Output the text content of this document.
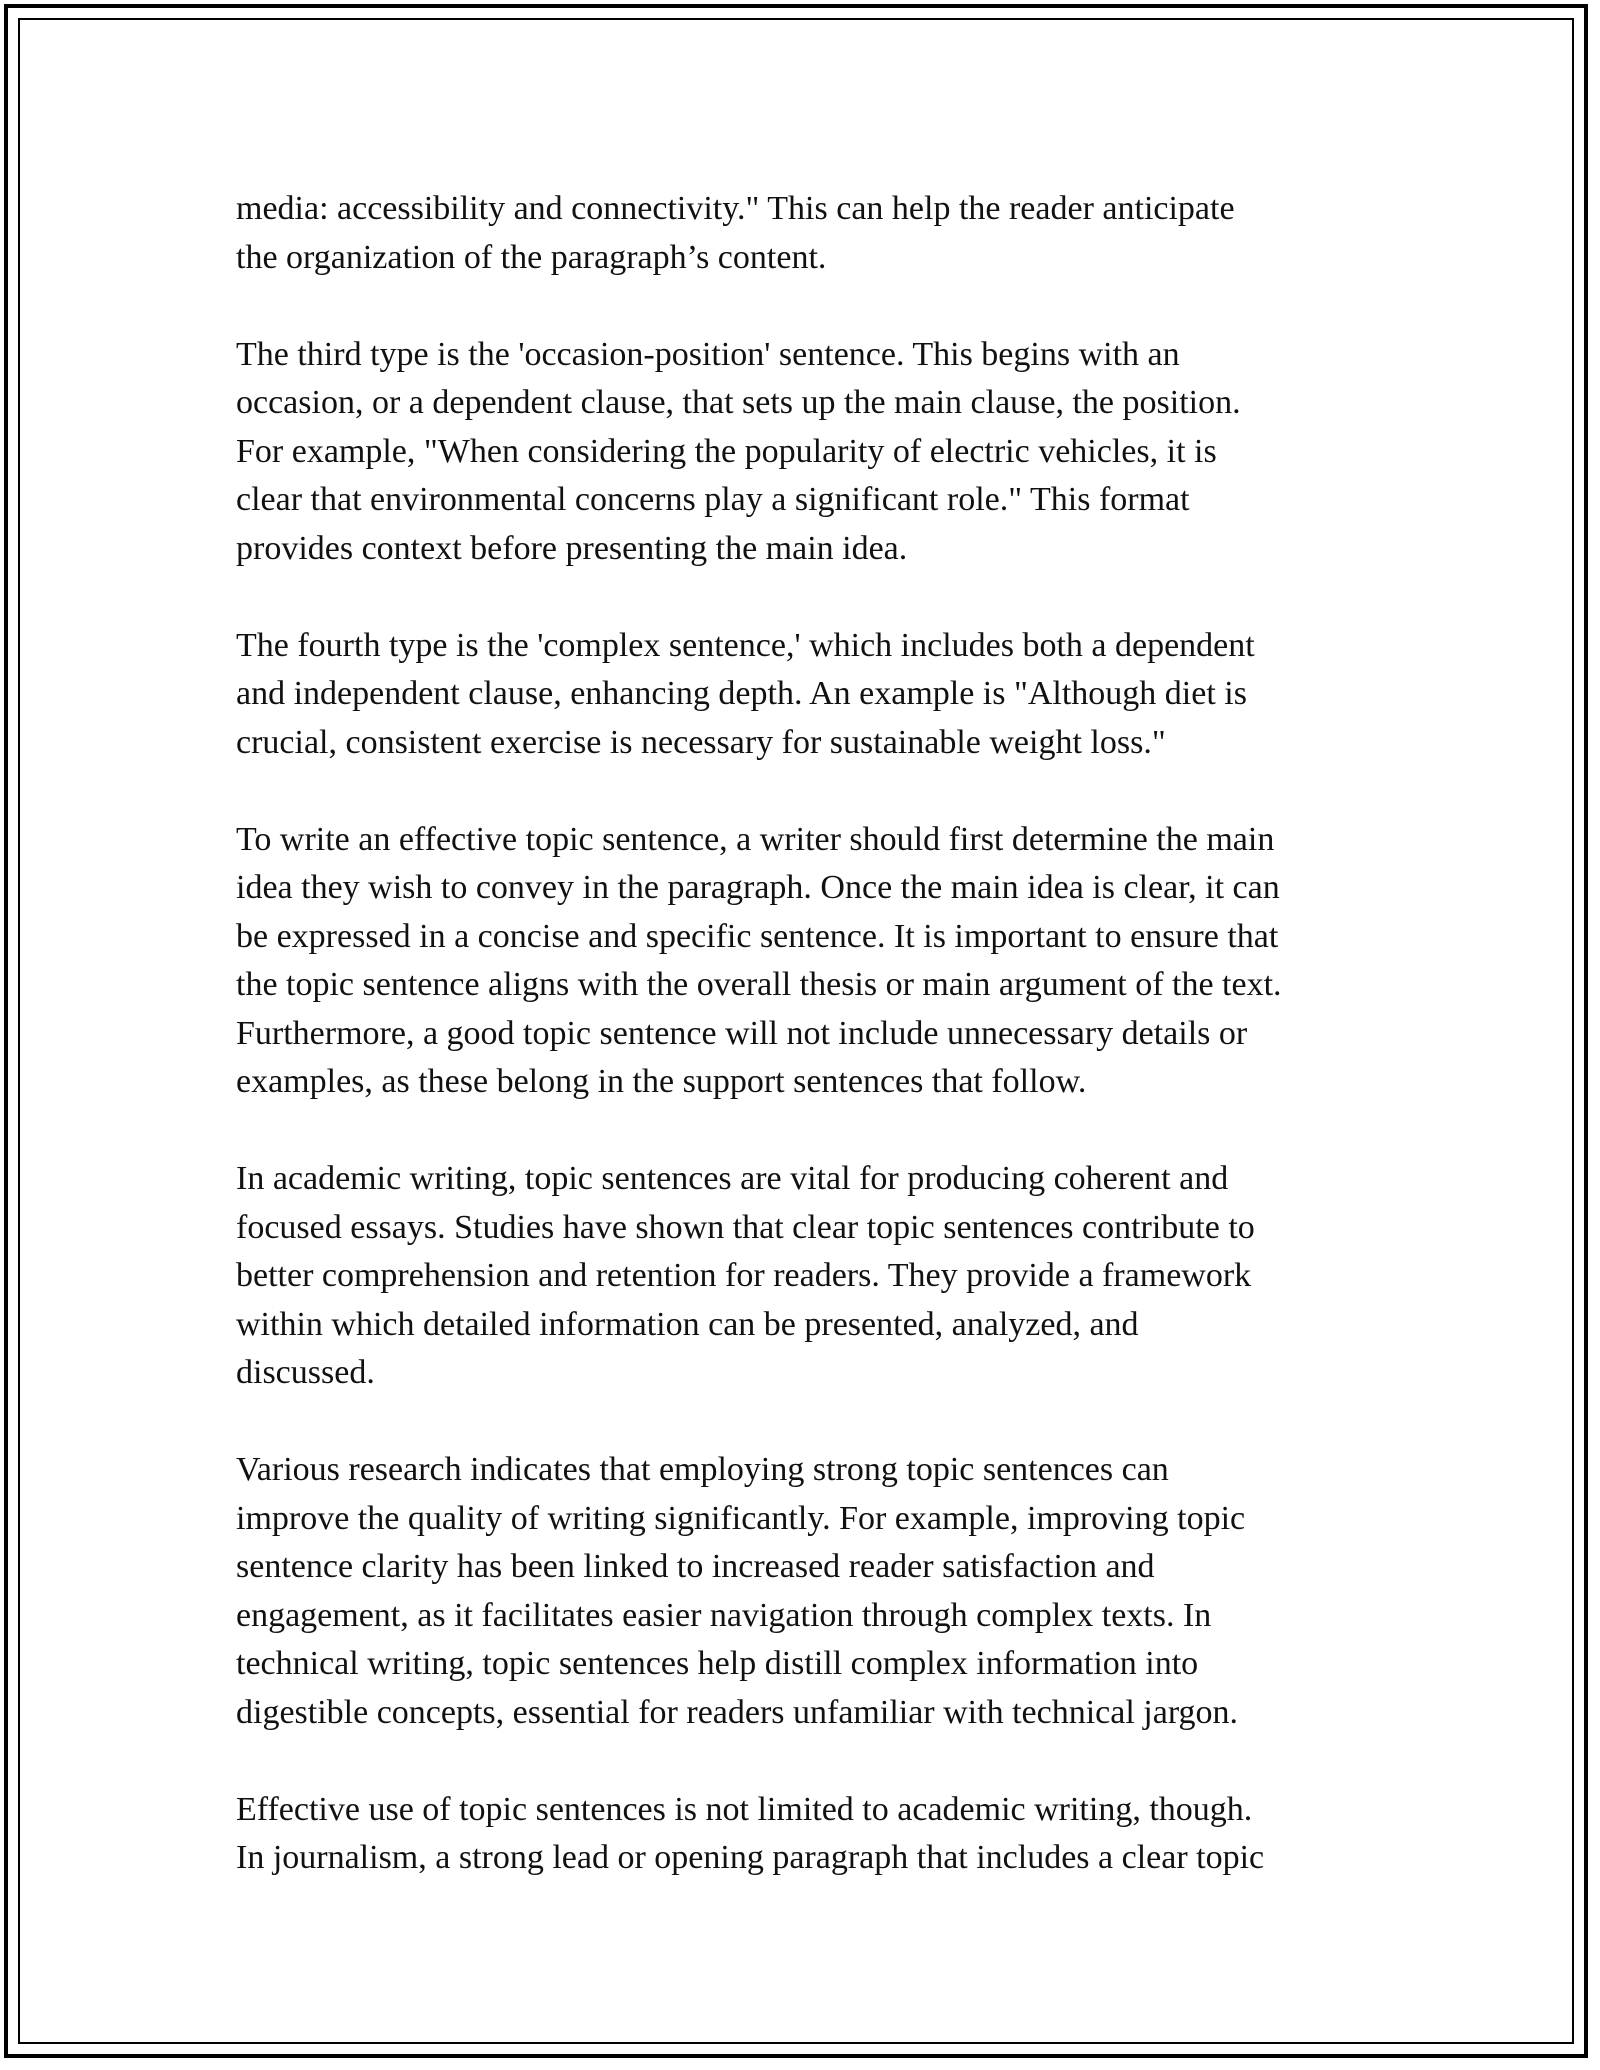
media: accessibility and connectivity." This can help the reader anticipate
the organization of the paragraph’s content.

The third type is the 'occasion-position' sentence. This begins with an
occasion, or a dependent clause, that sets up the main clause, the position.
For example, "When considering the popularity of electric vehicles, it is
clear that environmental concerns play a significant role." This format
provides context before presenting the main idea.

The fourth type is the 'complex sentence,' which includes both a dependent
and independent clause, enhancing depth. An example is "Although diet is
crucial, consistent exercise is necessary for sustainable weight loss."

To write an effective topic sentence, a writer should first determine the main
idea they wish to convey in the paragraph. Once the main idea is clear, it can
be expressed in a concise and specific sentence. It is important to ensure that
the topic sentence aligns with the overall thesis or main argument of the text.
Furthermore, a good topic sentence will not include unnecessary details or
examples, as these belong in the support sentences that follow.

In academic writing, topic sentences are vital for producing coherent and
focused essays. Studies have shown that clear topic sentences contribute to
better comprehension and retention for readers. They provide a framework
within which detailed information can be presented, analyzed, and
discussed.

Various research indicates that employing strong topic sentences can
improve the quality of writing significantly. For example, improving topic
sentence clarity has been linked to increased reader satisfaction and
engagement, as it facilitates easier navigation through complex texts. In
technical writing, topic sentences help distill complex information into
digestible concepts, essential for readers unfamiliar with technical jargon.

Effective use of topic sentences is not limited to academic writing, though.
In journalism, a strong lead or opening paragraph that includes a clear topic
